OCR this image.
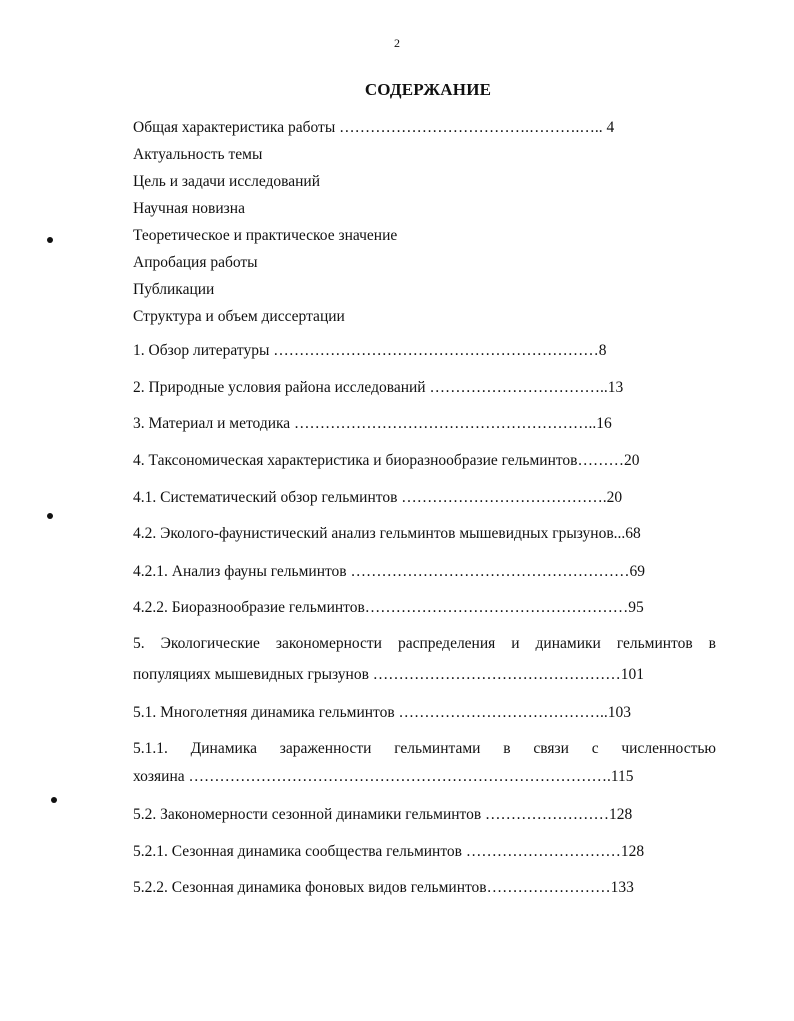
2
СОДЕРЖАНИЕ
Общая характеристика работы ……………………………….……….….. 4
Актуальность темы
Цель и задачи исследований
Научная новизна
Теоретическое и практическое значение
Апробация работы
Публикации
Структура и объем диссертации
1. Обзор литературы ………………………………………………………8
2. Природные условия района исследований ……………………………..13
3. Материал и методика …………………………………………………..16
4. Таксономическая характеристика и биоразнообразие гельминтов………20
4.1. Систематический обзор гельминтов ………………………………….20
4.2. Эколого-фаунистический анализ гельминтов мышевидных грызунов...68
4.2.1. Анализ фауны гельминтов ………………………………………………69
4.2.2. Биоразнообразие гельминтов……………………………………………95
5. Экологические закономерности распределения и динамики гельминтов в
популяциях мышевидных грызунов …………………………………………101
5.1. Многолетняя динамика гельминтов …………………………………..103
5.1.1. Динамика зараженности гельминтами в связи с численностью
хозяина ……………………………………………………………………….115
5.2. Закономерности сезонной динамики гельминтов ……………………128
5.2.1. Сезонная динамика сообщества гельминтов …………………………128
5.2.2. Сезонная динамика фоновых видов гельминтов……………………133
